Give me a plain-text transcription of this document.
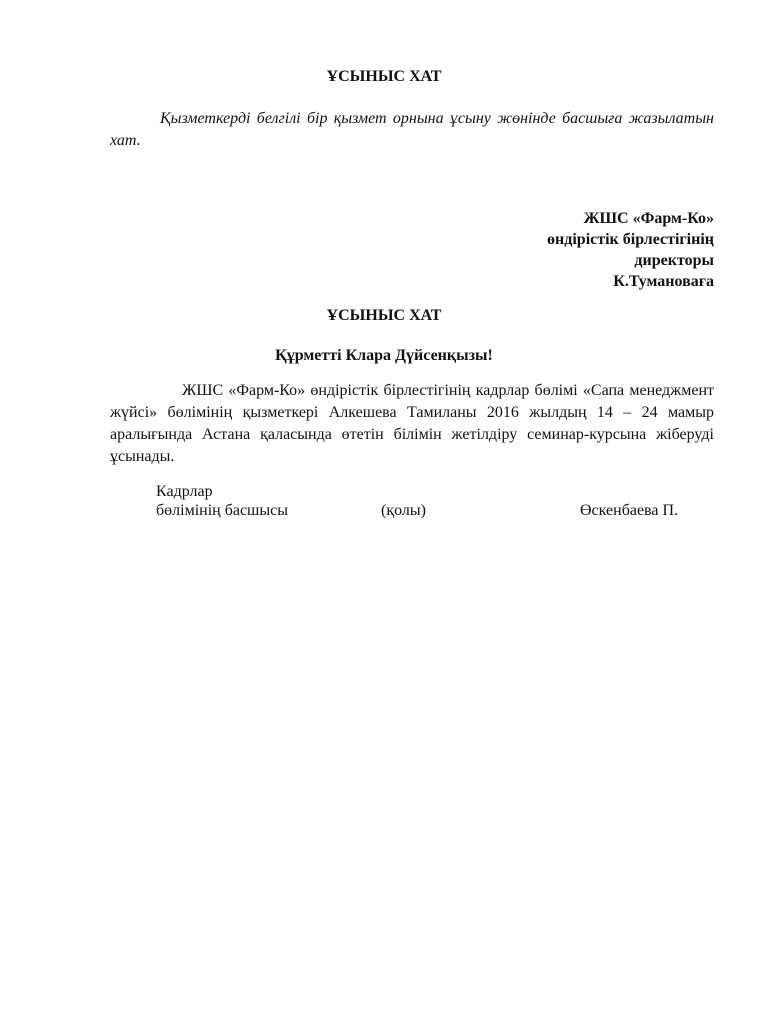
ҰСЫНЫС ХАТ
Қызметкерді белгілі бір қызмет орнына ұсыну жөнінде басшыға жазылатын хат.
ЖШС «Фарм-Ко»
өндірістік бірлестігінің
директоры
К.Тумановаға
ҰСЫНЫС ХАТ
Құрметті Клара Дүйсенқызы!
ЖШС «Фарм-Ко» өндірістік бірлестігінің кадрлар бөлімі «Сапа менеджмент жүйсі» бөлімінің қызметкері Алкешева Тамиланы 2016 жылдың 14 – 24 мамыр аралығында Астана қаласында өтетін білімін жетілдіру семинар-курсына жіберуді ұсынады.
Кадрлар
бөлімінің басшысы	(қолы)	Өскенбаева П.
